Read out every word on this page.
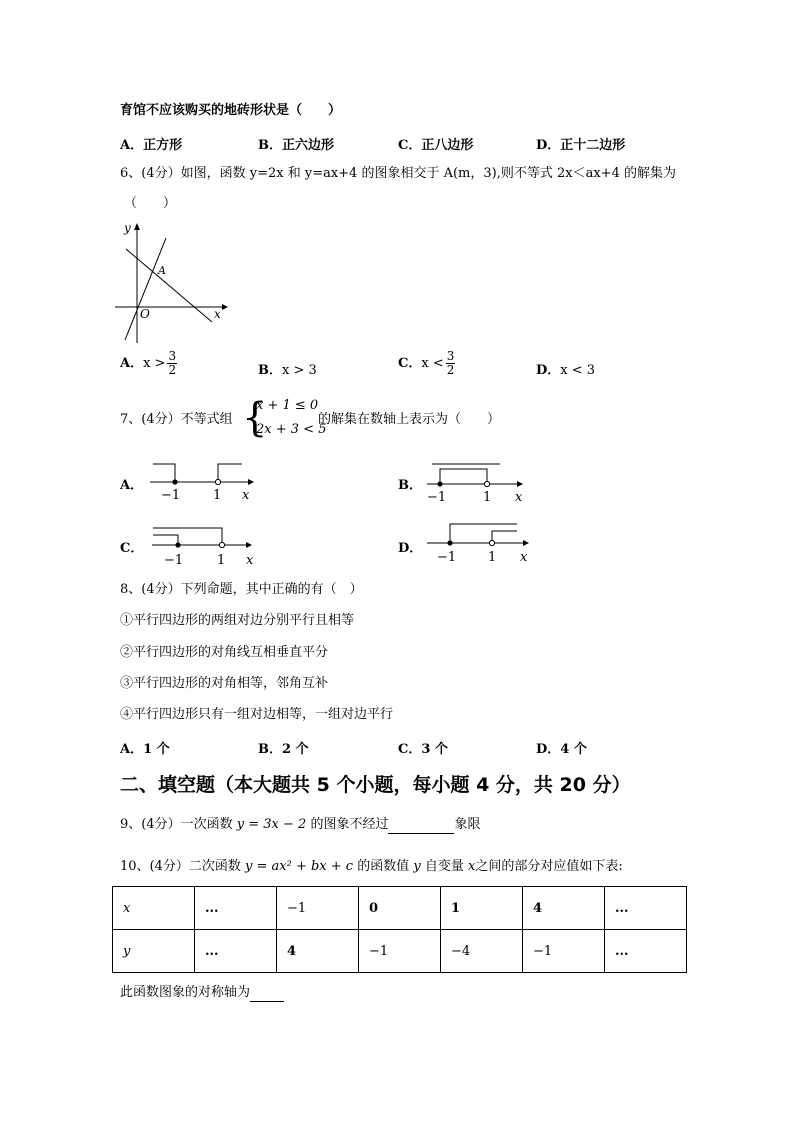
育馆不应该购买的地砖形状是（　　）
A．正方形	B．正六边形	C．正八边形	D．正十二边形
6、(4分）如图，函数 y=2x 和 y=ax+4 的图象相交于 A(m，3),则不等式 2x＜ax+4 的解集为
（　　）
y
x
O
A
A．$x > \frac{3}{2}$	B．x > 3	C．$x < \frac{3}{2}$	D．x < 3
7、(4分）不等式组 {
x + 1 ≤ 0
2x + 3 < 5
的解集在数轴上表示为（　　）
A．
−1	1 x
B．
−1	1 x
C．
−1	1 x
D．
−1 1 x
8、(4分）下列命题，其中正确的有（　）
①平行四边形的两组对边分别平行且相等
②平行四边形的对角线互相垂直平分
③平行四边形的对角相等，邻角互补
④平行四边形只有一组对边相等，一组对边平行
A．1 个	B．2 个	C．3 个	D．4 个
二、填空题（本大题共 5 个小题，每小题 4 分，共 20 分）
9、(4分）一次函数 y = 3x − 2 的图象不经过	象限
10、(4分）二次函数 y = ax² + bx + c 的函数值 y 自变量 x之间的部分对应值如下表:
x	...	−1	0	1	4	...
y	...	4	−1	−4	−1	...
此函数图象的对称轴为
